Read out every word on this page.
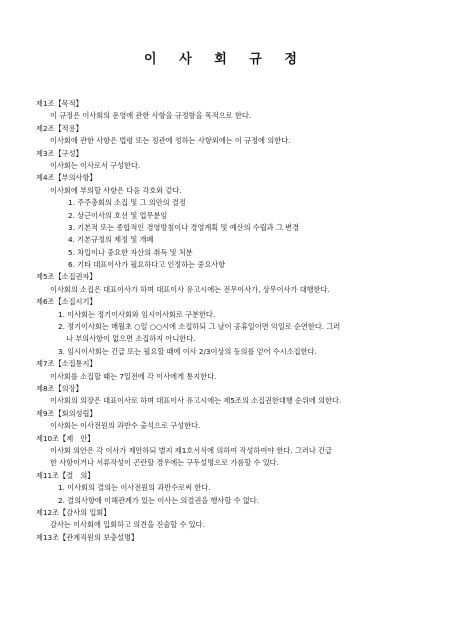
이 사 회 규 정
제1조【목적】
이 규정은 이사회의 운영에 관한 사항을 규정함을 목적으로 한다.
제2조【적용】
이사회에 관한 사항은 법령 또는 정관에 정하는 사항외에는 이 규정에 의한다.
제3조【구성】
이사회는 이사로서 구성한다.
제4조【부의사항】
이사회에 부의할 사항은 다음 각호와 같다.
1. 주주총회의 소집 및 그 의안의 결정
2. 상근이사의 호선 및 업무분임
3. 기본적 또는 종합적인 경영방침이나 경영계획 및 예산의 수립과 그 변경
4. 기본규정의 제정 및 개폐
5. 차입이나 중요한 자산의 취득 및 처분
6. 기타 대표이사가 필요하다고 인정하는 중요사항
제5조【소집권자】
이사회의 소집은 대표이사가 하며 대표이사 유고시에는 전무이사가, 상무이사가 대행한다.
제6조【소집시기】
1. 이사회는 정기이사회와 임시이사회로 구분한다.
2. 정기이사회는 매월초 ○일 ○○시에 소집하되 그 날이 공휴일이면 익일로 순연한다. 그러
나 부의사항이 없으면 소집하지 아니한다.
3. 임시이사회는 긴급 또는 필요할 때에 이사 2/3이상의 동의를 얻어 수시소집한다.
제7조【소집통지】
이사회를 소집할 때는 7일전에 각 이사에게 통지한다.
제8조【의장】
이사회의 의장은 대표이사로 하며 대표이사 유고시에는 제5조의 소집권한대행 순위에 의한다.
제9조【회의성립】
이사회는 이사전원의 과반수 출석으로 구성한다.
제10조【제　안】
이사회 의안은 각 이사가 제안하되 별지 제1호서식에 의하여 작성하여야 한다. 그러나 긴급
한 사항이거나 서류작성이 곤란할 경우에는 구두설명으로 가름할 수 있다.
제11조【결　의】
1. 이사회의 결의는 이사전원의 과반수로써 한다.
2. 결의사항에 이해관계가 있는 이사는 의결권을 행사할 수 없다.
제12조【감사의 입회】
감사는 이사회에 입회하고 의견을 진술할 수 있다.
제13조【관계직원의 보충설명】
